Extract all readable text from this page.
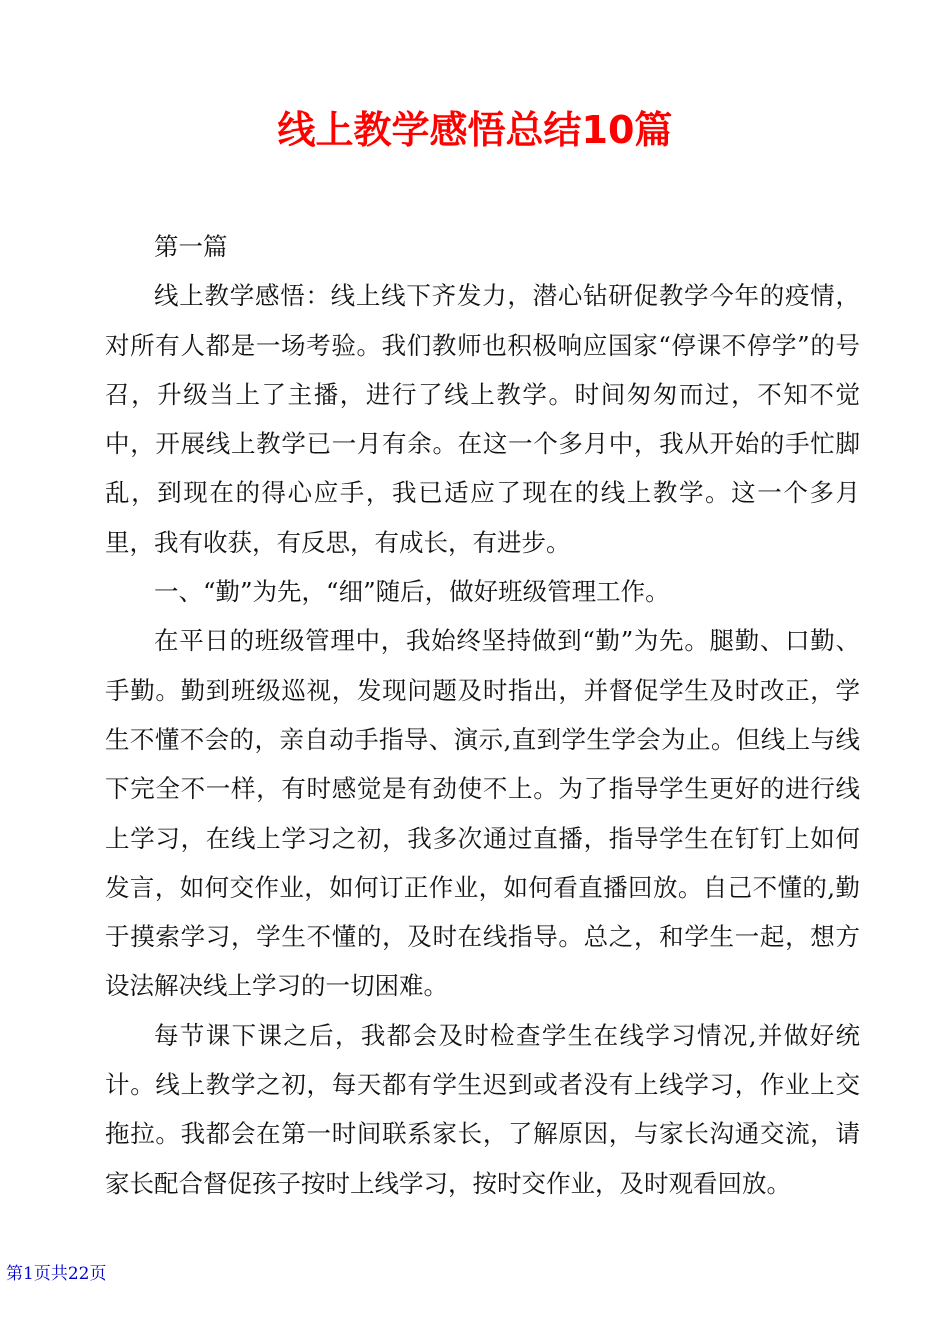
线上教学感悟总结10篇

第一篇

线上教学感悟：线上线下齐发力，潜心钻研促教学今年的疫情，对所有人都是一场考验。我们教师也积极响应国家“停课不停学”的号召，升级当上了主播，进行了线上教学。时间匆匆而过，不知不觉中，开展线上教学已一月有余。在这一个多月中，我从开始的手忙脚乱，到现在的得心应手，我已适应了现在的线上教学。这一个多月里，我有收获，有反思，有成长，有进步。

一、“勤”为先，“细”随后，做好班级管理工作。

在平日的班级管理中，我始终坚持做到“勤”为先。腿勤、口勤、手勤。勤到班级巡视，发现问题及时指出，并督促学生及时改正，学生不懂不会的，亲自动手指导、演示,直到学生学会为止。但线上与线下完全不一样，有时感觉是有劲使不上。为了指导学生更好的进行线上学习，在线上学习之初，我多次通过直播，指导学生在钉钉上如何发言，如何交作业，如何订正作业，如何看直播回放。自己不懂的,勤于摸索学习，学生不懂的，及时在线指导。总之，和学生一起，想方设法解决线上学习的一切困难。

每节课下课之后，我都会及时检查学生在线学习情况,并做好统计。线上教学之初，每天都有学生迟到或者没有上线学习，作业上交拖拉。我都会在第一时间联系家长，了解原因，与家长沟通交流，请家长配合督促孩子按时上线学习，按时交作业，及时观看回放。

第1页共22页
